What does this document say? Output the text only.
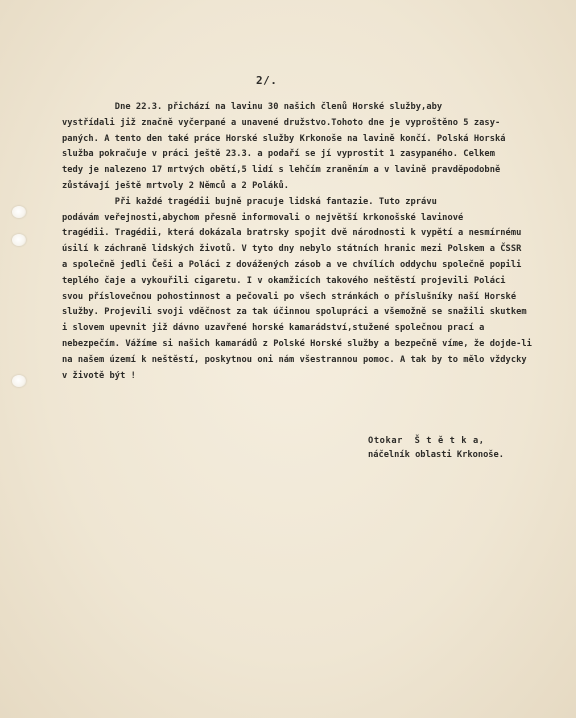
2/.
Dne 22.3. přichází na lavinu 30 našich členů Horské služby,aby
vystřídali již značně vyčerpané a unavené družstvo.Tohoto dne je vyproštěno 5 zasy-
paných. A tento den také práce Horské služby Krkonoše na lavině končí. Polská Horská
služba pokračuje v práci ještě 23.3. a podaří se jí vyprostit 1 zasypaného. Celkem
tedy je nalezeno 17 mrtvých obětí,5 lidí s lehčím zraněním a v lavině pravděpodobně
zůstávají ještě mrtvoly 2 Němců a 2 Poláků.
Při každé tragédii bujně pracuje lidská fantazie. Tuto zprávu
podávám veřejnosti,abychom přesně informovali o největší krkonošské lavinové
tragédii. Tragédii, která dokázala bratrsky spojit dvě národnosti k vypětí a nesmírnému
úsilí k záchraně lidských životů. V tyto dny nebylo státních hranic mezi Polskem a ČSSR
a společně jedli Češi a Poláci z dovážených zásob a ve chvílích oddychu společně popili
teplého čaje a vykouřili cigaretu. I v okamžicích takového neštěstí projevili Poláci
svou příslovečnou pohostinnost a pečovali po všech stránkách o příslušníky naší Horské
služby. Projevili svoji vděčnost za tak účinnou spolupráci a všemožně se snažili skutkem
i slovem upevnit již dávno uzavřené horské kamarádství,stužené společnou prací a
nebezpečím. Vážíme si našich kamarádů z Polské Horské služby a bezpečně víme, že dojde-li
na našem území k neštěstí, poskytnou oni nám všestrannou pomoc. A tak by to mělo vždycky
v životě být !
Otokar  Š t ě t k a,
náčelník oblasti Krkonoše.
